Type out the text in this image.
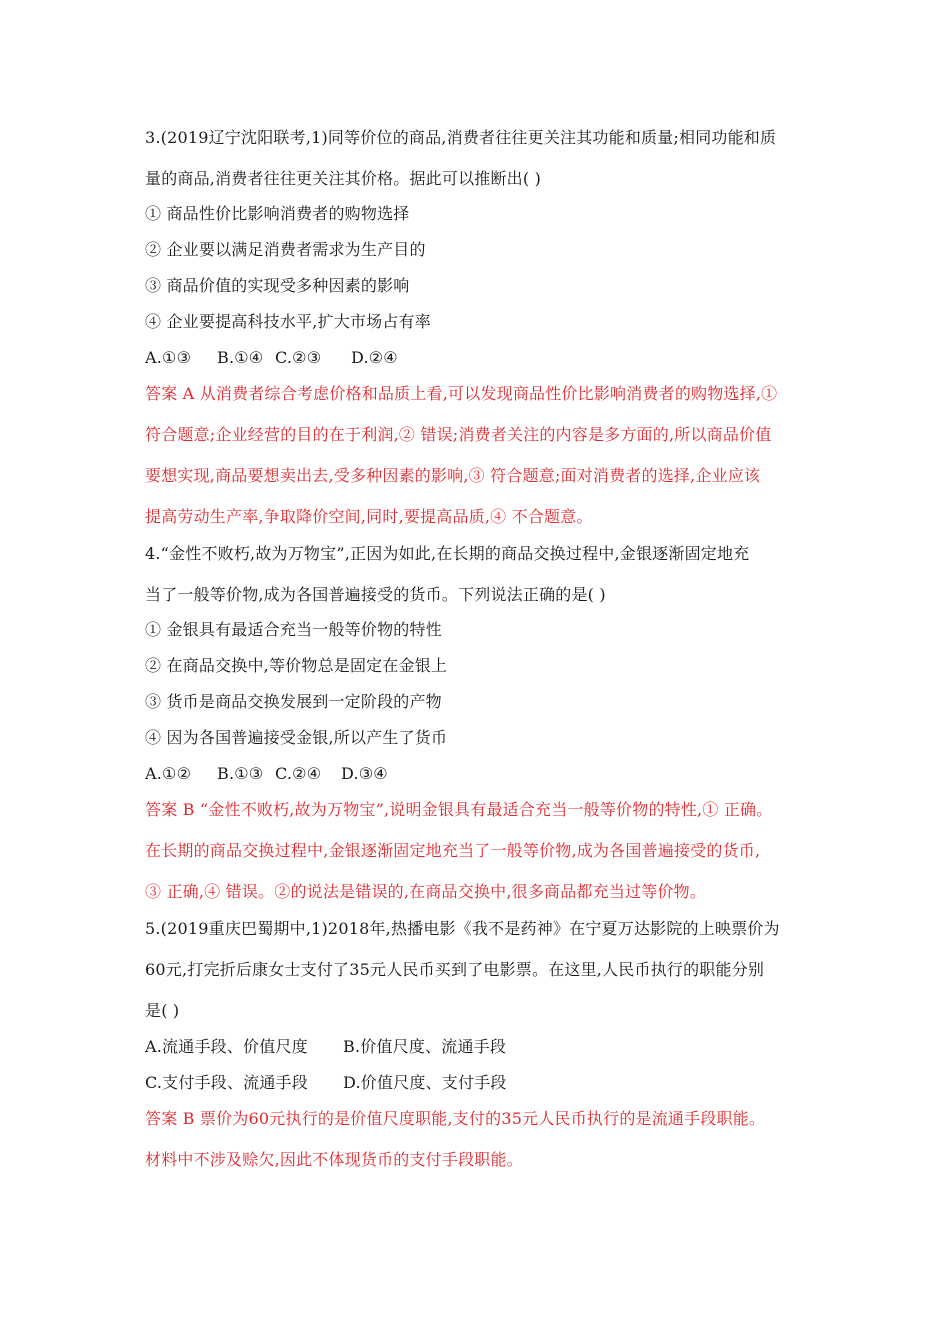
3.(2019辽宁沈阳联考,1)同等价位的商品,消费者往往更关注其功能和质量;相同功能和质
量的商品,消费者往往更关注其价格。据此可以推断出( )
① 商品性价比影响消费者的购物选择
② 企业要以满足消费者需求为生产目的
③ 商品价值的实现受多种因素的影响
④ 企业要提高科技水平,扩大市场占有率
A.①③ B.①④ C.②③ D.②④
答案 A 从消费者综合考虑价格和品质上看,可以发现商品性价比影响消费者的购物选择,①
符合题意;企业经营的目的在于利润,② 错误;消费者关注的内容是多方面的,所以商品价值
要想实现,商品要想卖出去,受多种因素的影响,③ 符合题意;面对消费者的选择,企业应该
提高劳动生产率,争取降价空间,同时,要提高品质,④ 不合题意。
4.“金性不败朽,故为万物宝”,正因为如此,在长期的商品交换过程中,金银逐渐固定地充
当了一般等价物,成为各国普遍接受的货币。下列说法正确的是( )
① 金银具有最适合充当一般等价物的特性
② 在商品交换中,等价物总是固定在金银上
③ 货币是商品交换发展到一定阶段的产物
④ 因为各国普遍接受金银,所以产生了货币
A.①② B.①③ C.②④ D.③④
答案 B “金性不败朽,故为万物宝”,说明金银具有最适合充当一般等价物的特性,① 正确。
在长期的商品交换过程中,金银逐渐固定地充当了一般等价物,成为各国普遍接受的货币,
③ 正确,④ 错误。②的说法是错误的,在商品交换中,很多商品都充当过等价物。
5.(2019重庆巴蜀期中,1)2018年,热播电影《我不是药神》在宁夏万达影院的上映票价为
60元,打完折后康女士支付了35元人民币买到了电影票。在这里,人民币执行的职能分别
是( )
A.流通手段、价值尺度 B.价值尺度、流通手段
C.支付手段、流通手段 D.价值尺度、支付手段
答案 B 票价为60元执行的是价值尺度职能,支付的35元人民币执行的是流通手段职能。
材料中不涉及赊欠,因此不体现货币的支付手段职能。
